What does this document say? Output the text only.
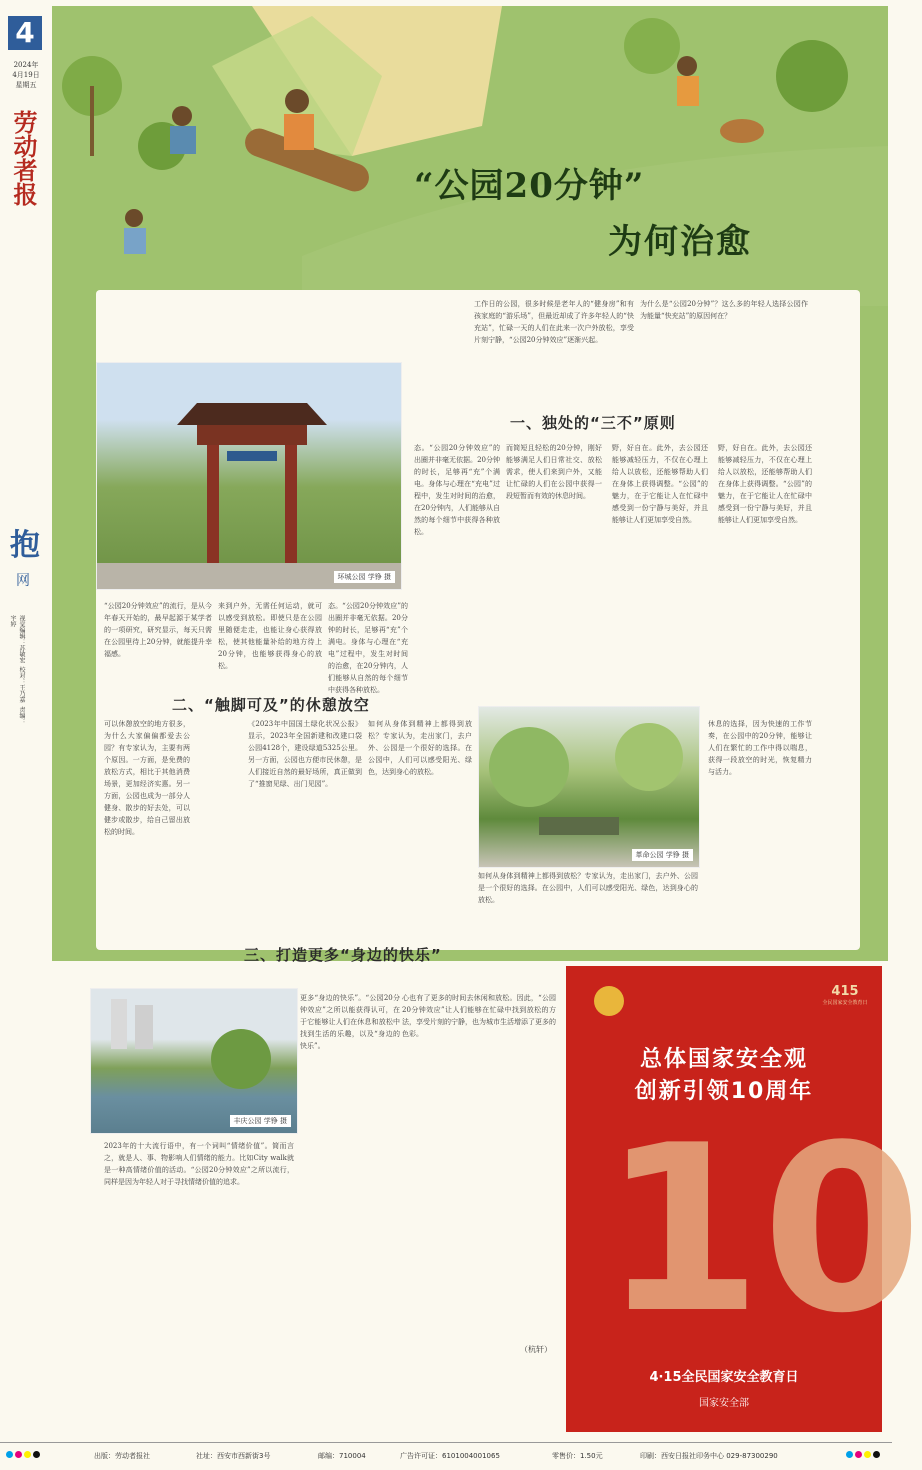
4
2024年
4月19日
星期五
劳动者报
抱
网
视觉编辑：苏敏宏  校对：王乃嘉  责编：宇婷
“公园20分钟”
为何治愈
工作日的公园，很多时候是老年人的“健身房”和有孩家庭的“游乐场”，但最近却成了许多年轻人的“快充站”，忙碌一天的人们在此来一次户外放松，享受片刻宁静，“公园20分钟效应”逐渐兴起。
为什么是“公园20分钟”？这么多的年轻人选择公园作为能量“快充站”的原因何在？
环城公园 学铮 摄
一、独处的“三不”原则
态。“公园20分钟效应”的出圈并非毫无依据。20分钟的时长，足够再“充”个满电。身体与心理在“充电”过程中，发生对时间的治愈，在20分钟内，人们能够从自然的每个细节中获得各种放松。
而简短且轻松的20分钟，刚好能够满足人们日常社交、放松需求，使人们来到户外，又能让忙碌的人们在公园中获得一段短暂而有效的休息时间。
野，好自在。此外，去公园还能够减轻压力，不仅在心理上给人以放松，还能够帮助人们在身体上获得调整。“公园”的魅力，在于它能让人在忙碌中感受到一份宁静与美好，并且能够让人们更加享受自然。
野，好自在。此外，去公园还能够减轻压力，不仅在心理上给人以放松，还能够帮助人们在身体上获得调整。“公园”的魅力，在于它能让人在忙碌中感受到一份宁静与美好，并且能够让人们更加享受自然。
“公园20分钟效应”的流行，是从今年春天开始的，最早起源于某学者的一项研究，研究显示，每天只需在公园里待上20分钟，就能提升幸福感。
来到户外，无需任何运动，就可以感受到放松。即使只是在公园里随便走走，也能让身心获得放松，使其他能量补给的地方待上20分钟，也能够获得身心的放松。
态。“公园20分钟效应”的出圈并非毫无依据。20分钟的时长，足够再“充”个满电。身体与心理在“充电”过程中，发生对时间的治愈，在20分钟内，人们能够从自然的每个细节中获得各种放松。
二、“触脚可及”的休憩放空
革命公园 学铮 摄
可以休憩放空的地方很多，为什么大家偏偏都爱去公园？有专家认为，主要有两个原因。一方面，是免费的放松方式，相比于其他消费场景，更加经济实惠。另一方面，公园也成为一部分人健身、散步的好去处，可以健步或散步，给自己留出放松的时间。
《2023年中国国土绿化状况公报》显示，2023年全国新建和改建口袋公园4128个，建设绿道5325公里。另一方面，公园也方便市民休憩，是人们接近自然的最好场所，真正做到了“推窗见绿、出门见园”。
如何从身体到精神上都得到放松？专家认为，走出家门，去户外、公园是一个很好的选择。在公园中，人们可以感受阳光、绿色，达到身心的放松。
休息的选择，因为快速的工作节奏，在公园中的20分钟，能够让人们在繁忙的工作中得以喘息，获得一段放空的时光，恢复精力与活力。
如何从身体到精神上都得到放松？专家认为，走出家门，去户外、公园是一个很好的选择。在公园中，人们可以感受阳光、绿色，达到身心的放松。
三、打造更多“身边的快乐”
丰庆公园 学铮 摄
2023年的十大流行语中，有一个词叫“情绪价值”。简而言之，就是人、事、物影响人们情绪的能力。比如City walk就是一种高情绪价值的活动。“公园20分钟效应”之所以流行，同样是因为年轻人对于寻找情绪价值的追求。
更多“身边的快乐”。“公园20分钟效应”之所以能获得认可，在于它能够让人们在休息和放松中找到生活的乐趣，以及“身边的快乐”。
心也有了更多的时间去休闲和放松。因此，“公园20分钟效应”让人们能够在忙碌中找到放松的方法，享受片刻的宁静，也为城市生活增添了更多的色彩。
（杭轩）
415
全民国家安全教育日
总体国家安全观
创新引领10周年
10
4·15全民国家安全教育日
国家安全部
出版：劳动者报社	社址：西安市西新街3号	邮编：710004	广告许可证：6101004001065	零售价：1.50元	印刷：西安日报社印务中心 029-87300290
